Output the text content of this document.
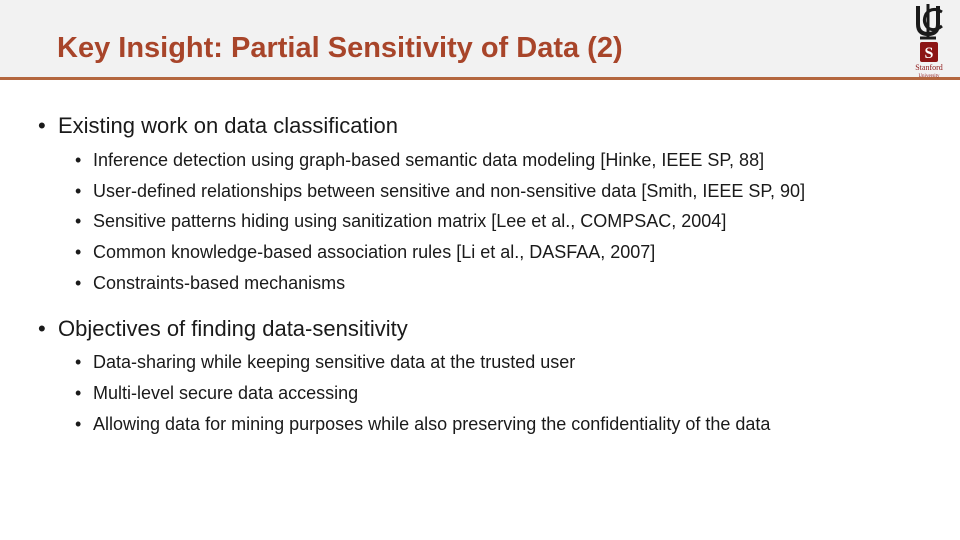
Key Insight: Partial Sensitivity of Data (2)	S
Stanford
University
• Existing work on data classification
• Inference detection using graph-based semantic data modeling [Hinke, IEEE SP, 88]
• User-defined relationships between sensitive and non-sensitive data [Smith, IEEE SP, 90]
• Sensitive patterns hiding using sanitization matrix [Lee et al., COMPSAC, 2004]
• Common knowledge-based association rules [Li et al., DASFAA, 2007]
• Constraints-based mechanisms
• Objectives of finding data-sensitivity
• Data-sharing while keeping sensitive data at the trusted user
• Multi-level secure data accessing
• Allowing data for mining purposes while also preserving the confidentiality of the data
